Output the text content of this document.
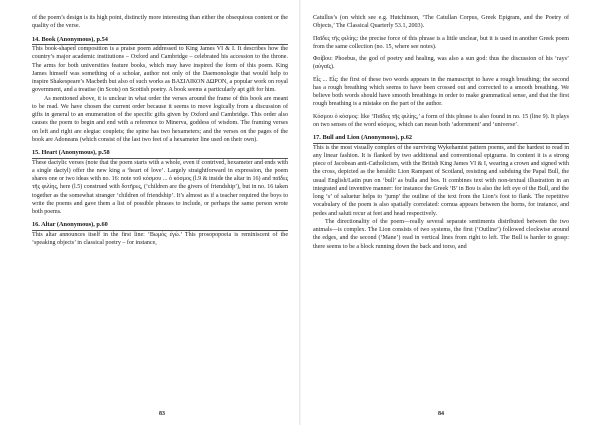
of the poem’s design is its high point, distinctly more interesting than either the obsequious content or the quality of the verse.

14. Book (Anonymous), p.54

This book-shaped composition is a praise poem addressed to King James VI & I. It describes how the country’s major academic institutions – Oxford and Cambridge – celebrated his accession to the throne. The arms for both universities feature books, which may have inspired the form of this poem. King James himself was something of a scholar, author not only of the Daemonologie that would help to inspire Shakespeare’s Macbeth but also of such works as ΒΑΣΙΛΙΚΟΝ ΔΩΡΟΝ, a popular work on royal government, and a treatise (in Scots) on Scottish poetry. A book seems a particularly apt gift for him.

As mentioned above, it is unclear in what order the verses around the frame of this book are meant to be read. We have chosen the current order because it seems to move logically from a discussion of gifts in general to an enumeration of the specific gifts given by Oxford and Cambridge. This order also causes the poem to begin and end with a reference to Minerva, goddess of wisdom. The framing verses on left and right are elegiac couplets; the spine has two hexameters; and the verses on the pages of the book are Adoneans (which consist of the last two feet of a hexameter line used on their own).

15. Heart (Anonymous), p.58

These dactylic verses (note that the poem starts with a whole, even if contrived, hexameter and ends with a single dactyl) offer the new king a ‘heart of love’. Largely straightforward in expression, the poem shares one or two ideas with no. 16: note τοῦ κόσμου ... ὁ κόσμος (l.9 & inside the altar in 16) and παῖδες τῆς φιλίης, here (l.5) construed with δοτῆρες, (‘children are the givers of friendship’), but in no. 16 taken together as the somewhat stranger ‘children of friendship’. It’s almost as if a teacher required the boys to write the poems and gave them a list of possible phrases to include, or perhaps the same person wrote both poems.

16. Altar (Anonymous), p.60

This altar announces itself in the first line: ‘Βωμὸς ἐγώ.’ This prosopopoeia is reminiscent of the ‘speaking objects’ in classical poetry – for instance,

Catullus’s (on which see e.g. Hutchinson, ‘The Catullan Corpus, Greek Epigram, and the Poetry of Objects,’ The Classical Quarterly 53.1, 2003).

Παῖδες τῆς φιλίης: the precise force of this phrase is a little unclear, but it is used in another Greek poem from the same collection (no. 15, where see notes).

Φοίβου: Phoebus, the god of poetry and healing, was also a sun god: thus the discussion of his ‘rays’ (αὐγαῖς).

Εἷς ... Εἷς: the first of these two words appears in the manuscript to have a rough breathing; the second has a rough breathing which seems to have been crossed out and corrected to a smooth breathing. We believe both words should have smooth breathings in order to make grammatical sense, and that the first rough breathing is a mistake on the part of the author.

Κόσμου ὁ κόσμος: like ‘Παῖδες τῆς φιλίης,’ a form of this phrase is also found in no. 15 (line 9). It plays on two senses of the word κόσμος, which can mean both ‘adornment’ and ‘universe’.

17. Bull and Lion (Anonymous), p.62

This is the most visually complex of the surviving Wykehamist pattern poems, and the hardest to read in any linear fashion. It is flanked by two additional and conventional epigrams. In content it is a strong piece of Jacobean anti-Catholicism, with the British King James VI & I, wearing a crown and signed with the cross, depicted as the heraldic Lion Rampant of Scotland, resisting and subduing the Papal Bull, the usual English/Latin pun on ‘bull’ as bulla and bos. It combines text with non-textual illustration in an integrated and inventive manner: for instance the Greek ‘B’ in Βου is also the left eye of the Bull, and the long ‘s’ of saluetur helps to ‘jump’ the outline of the text from the Lion’s foot to flank. The repetitive vocabulary of the poem is also spatially correlated: cornua appears between the horns, for instance, and pedes and saluti recur at feet and head respectively.

The directionality of the poem—really several separate sentiments distributed between the two animals—is complex. The Lion consists of two systems, the first (‘Outline’) followed clockwise around the edges, and the second (‘Mane’) read in vertical lines from right to left. The Bull is harder to grasp: there seems to be a block running down the back and torso, and

83	84
